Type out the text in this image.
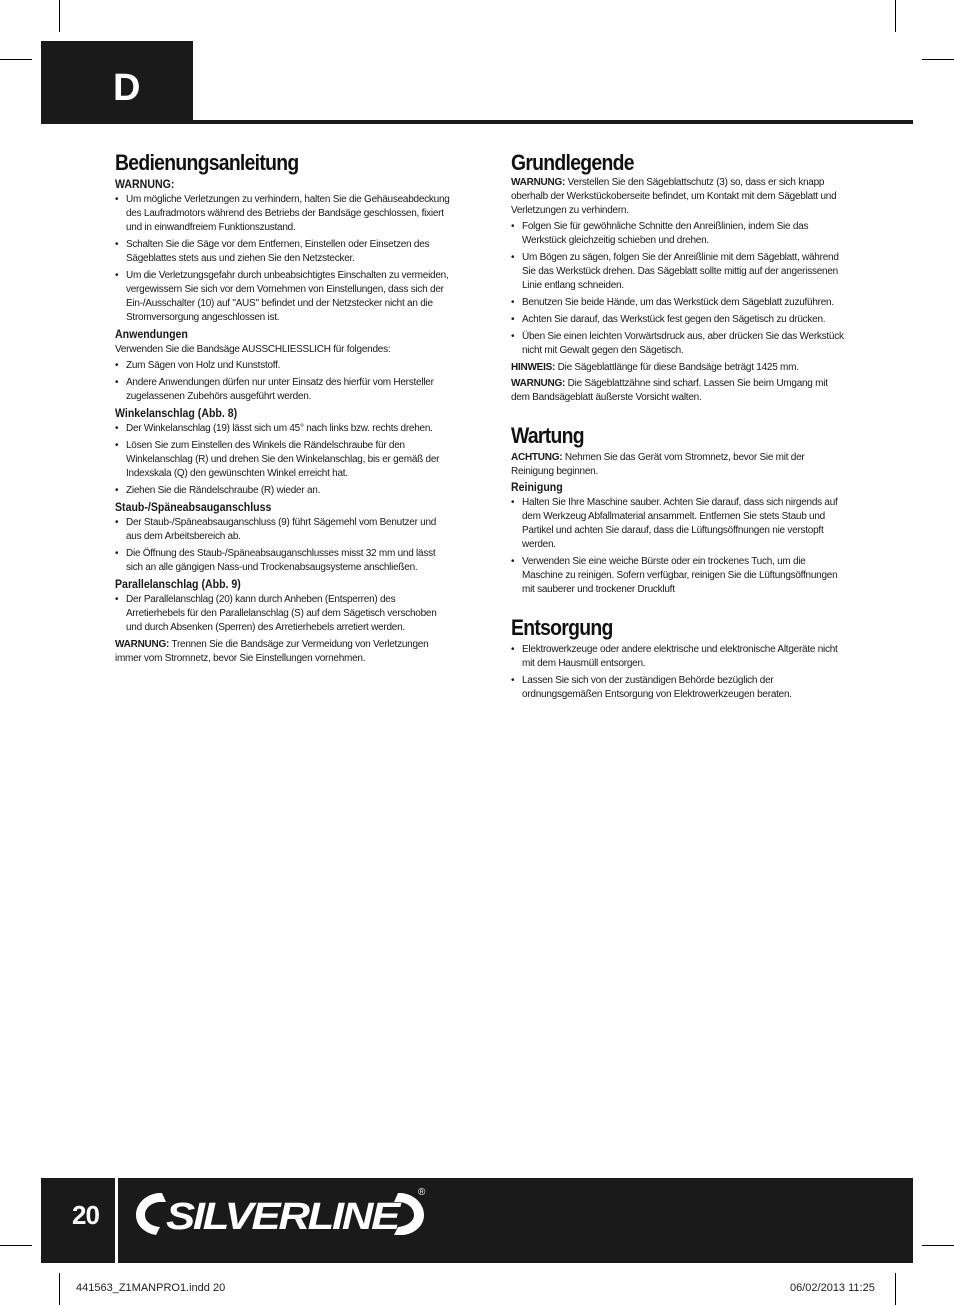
D
Bedienungsanleitung
WARNUNG:
• Um mögliche Verletzungen zu verhindern, halten Sie die Gehäuseabdeckung des Laufradmotors während des Betriebs der Bandsäge geschlossen, fixiert und in einwandfreiem Funktionszustand.
• Schalten Sie die Säge vor dem Entfernen, Einstellen oder Einsetzen des Sägeblattes stets aus und ziehen Sie den Netzstecker.
• Um die Verletzungsgefahr durch unbeabsichtigtes Einschalten zu vermeiden, vergewissern Sie sich vor dem Vornehmen von Einstellungen, dass sich der Ein-/Ausschalter (10) auf "AUS" befindet und der Netzstecker nicht an die Stromversorgung angeschlossen ist.
Anwendungen

Verwenden Sie die Bandsäge AUSSCHLIESSLICH für folgendes:

• Zum Sägen von Holz und Kunststoff.
• Andere Anwendungen dürfen nur unter Einsatz des hierfür vom Hersteller zugelassenen Zubehörs ausgeführt werden.
Winkelanschlag (Abb. 8)
• Der Winkelanschlag (19) lässt sich um 45° nach links bzw. rechts drehen.
• Lösen Sie zum Einstellen des Winkels die Rändelschraube für den Winkelanschlag (R) und drehen Sie den Winkelanschlag, bis er gemäß der Indexskala (Q) den gewünschten Winkel erreicht hat.
• Ziehen Sie die Rändelschraube (R) wieder an.
Staub-/Späneabsauganschluss
• Der Staub-/Späneabsauganschluss (9) führt Sägemehl vom Benutzer und aus dem Arbeitsbereich ab.
• Die Öffnung des Staub-/Späneabsauganschlusses misst 32 mm und lässt sich an alle gängigen Nass-und Trockenabsaugsysteme anschließen.
Parallelanschlag (Abb. 9)
• Der Parallelanschlag (20) kann durch Anheben (Entsperren) des Arretierhebels für den Parallelanschlag (S) auf dem Sägetisch verschoben und durch Absenken (Sperren) des Arretierhebels arretiert werden.

WARNUNG: Trennen Sie die Bandsäge zur Vermeidung von Verletzungen immer vom Stromnetz, bevor Sie Einstellungen vornehmen.

Grundlegende

WARNUNG: Verstellen Sie den Sägeblattschutz (3) so, dass er sich knapp oberhalb der Werkstückoberseite befindet, um Kontakt mit dem Sägeblatt und Verletzungen zu verhindern.

• Folgen Sie für gewöhnliche Schnitte den Anreißlinien, indem Sie das Werkstück gleichzeitig schieben und drehen.
• Um Bögen zu sägen, folgen Sie der Anreißlinie mit dem Sägeblatt, während Sie das Werkstück drehen. Das Sägeblatt sollte mittig auf der angerissenen Linie entlang schneiden.
• Benutzen Sie beide Hände, um das Werkstück dem Sägeblatt zuzuführen.
• Achten Sie darauf, das Werkstück fest gegen den Sägetisch zu drücken.
• Üben Sie einen leichten Vorwärtsdruck aus, aber drücken Sie das Werkstück nicht mit Gewalt gegen den Sägetisch.

HINWEIS: Die Sägeblattlänge für diese Bandsäge beträgt 1425 mm.

WARNUNG: Die Sägeblattzähne sind scharf. Lassen Sie beim Umgang mit dem Bandsägeblatt äußerste Vorsicht walten.

Wartung

ACHTUNG: Nehmen Sie das Gerät vom Stromnetz, bevor Sie mit der Reinigung beginnen.

Reinigung
• Halten Sie Ihre Maschine sauber. Achten Sie darauf, dass sich nirgends auf dem Werkzeug Abfallmaterial ansammelt. Entfernen Sie stets Staub und Partikel und achten Sie darauf, dass die Lüftungsöffnungen nie verstopft werden.
• Verwenden Sie eine weiche Bürste oder ein trockenes Tuch, um die Maschine zu reinigen. Sofern verfügbar, reinigen Sie die Lüftungsöffnungen mit sauberer und trockener Druckluft
Entsorgung
• Elektrowerkzeuge oder andere elektrische und elektronische Altgeräte nicht mit dem Hausmüll entsorgen.
• Lassen Sie sich von der zuständigen Behörde bezüglich der ordnungsgemäßen Entsorgung von Elektrowerkzeugen beraten.
20 SILVERLINE
®
441563_Z1MANPRO1.indd 20	06/02/2013 11:25
